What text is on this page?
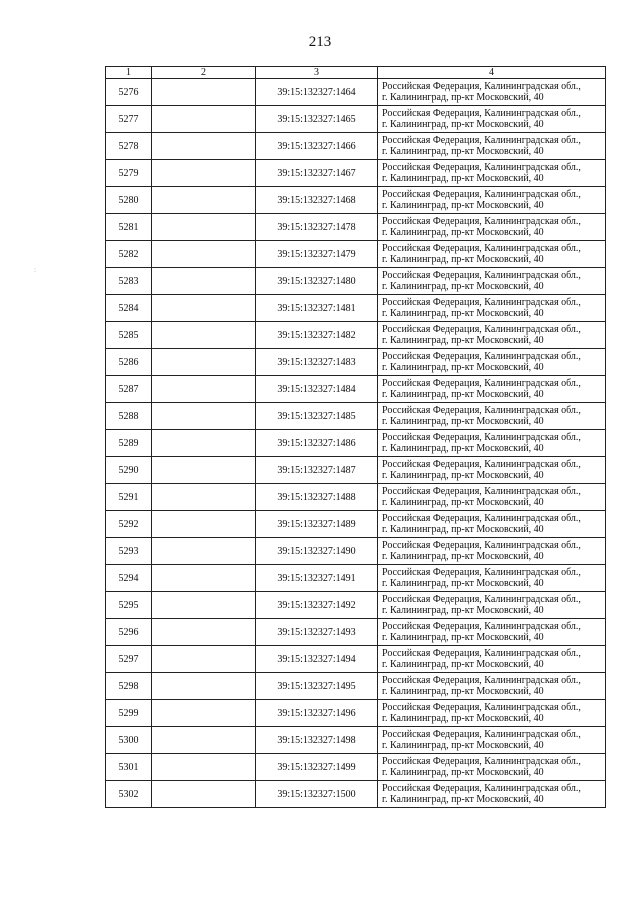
213
:
1	2	3	4
5276		39:15:132327:1464	Российская Федерация, Калининградская обл.,
г. Калининград, пр-кт Московский, 40

5277		39:15:132327:1465	Российская Федерация, Калининградская обл.,
г. Калининград, пр-кт Московский, 40

5278		39:15:132327:1466	Российская Федерация, Калининградская обл.,
г. Калининград, пр-кт Московский, 40

5279		39:15:132327:1467	Российская Федерация, Калининградская обл.,
г. Калининград, пр-кт Московский, 40

5280		39:15:132327:1468	Российская Федерация, Калининградская обл.,
г. Калининград, пр-кт Московский, 40

5281		39:15:132327:1478	Российская Федерация, Калининградская обл.,
г. Калининград, пр-кт Московский, 40

5282		39:15:132327:1479	Российская Федерация, Калининградская обл.,
г. Калининград, пр-кт Московский, 40

5283		39:15:132327:1480	Российская Федерация, Калининградская обл.,
г. Калининград, пр-кт Московский, 40

5284		39:15:132327:1481	Российская Федерация, Калининградская обл.,
г. Калининград, пр-кт Московский, 40

5285		39:15:132327:1482	Российская Федерация, Калининградская обл.,
г. Калининград, пр-кт Московский, 40

5286		39:15:132327:1483	Российская Федерация, Калининградская обл.,
г. Калининград, пр-кт Московский, 40

5287		39:15:132327:1484	Российская Федерация, Калининградская обл.,
г. Калининград, пр-кт Московский, 40

5288		39:15:132327:1485	Российская Федерация, Калининградская обл.,
г. Калининград, пр-кт Московский, 40

5289		39:15:132327:1486	Российская Федерация, Калининградская обл.,
г. Калининград, пр-кт Московский, 40

5290		39:15:132327:1487	Российская Федерация, Калининградская обл.,
г. Калининград, пр-кт Московский, 40

5291		39:15:132327:1488	Российская Федерация, Калининградская обл.,
г. Калининград, пр-кт Московский, 40

5292		39:15:132327:1489	Российская Федерация, Калининградская обл.,
г. Калининград, пр-кт Московский, 40

5293		39:15:132327:1490	Российская Федерация, Калининградская обл.,
г. Калининград, пр-кт Московский, 40

5294		39:15:132327:1491	Российская Федерация, Калининградская обл.,
г. Калининград, пр-кт Московский, 40

5295		39:15:132327:1492	Российская Федерация, Калининградская обл.,
г. Калининград, пр-кт Московский, 40

5296		39:15:132327:1493	Российская Федерация, Калининградская обл.,
г. Калининград, пр-кт Московский, 40

5297		39:15:132327:1494	Российская Федерация, Калининградская обл.,
г. Калининград, пр-кт Московский, 40

5298		39:15:132327:1495	Российская Федерация, Калининградская обл.,
г. Калининград, пр-кт Московский, 40

5299		39:15:132327:1496	Российская Федерация, Калининградская обл.,
г. Калининград, пр-кт Московский, 40

5300		39:15:132327:1498	Российская Федерация, Калининградская обл.,
г. Калининград, пр-кт Московский, 40

5301		39:15:132327:1499	Российская Федерация, Калининградская обл.,
г. Калининград, пр-кт Московский, 40

5302		39:15:132327:1500	Российская Федерация, Калининградская обл.,
г. Калининград, пр-кт Московский, 40
